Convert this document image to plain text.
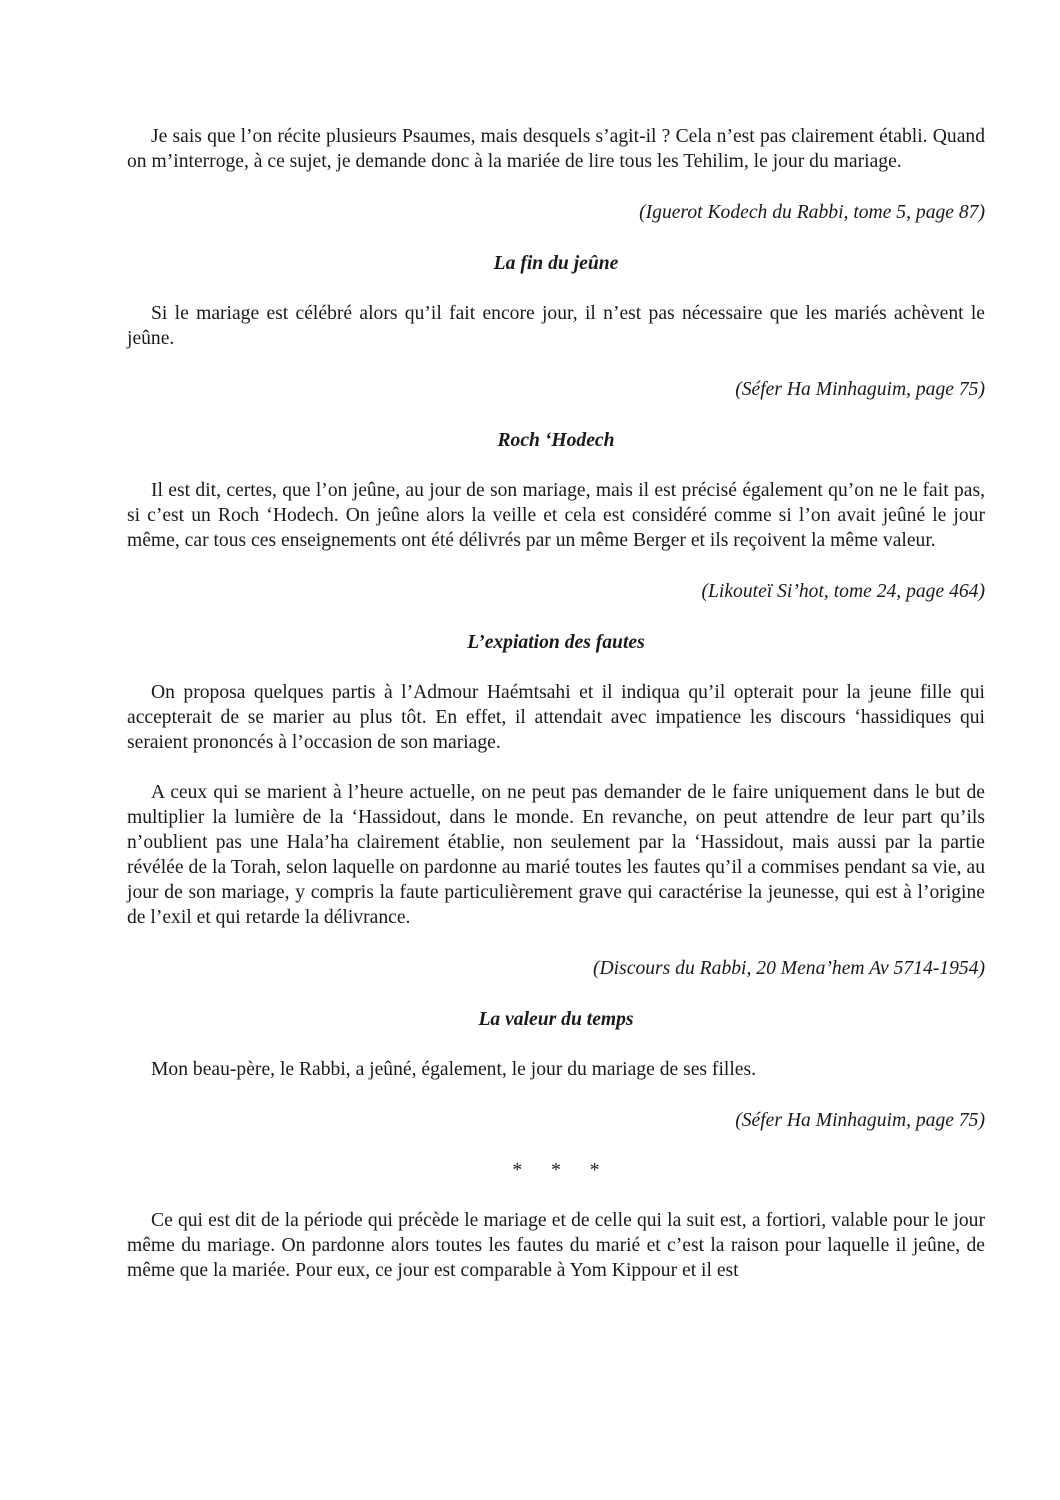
Je sais que l’on récite plusieurs Psaumes, mais desquels s’agit-il ? Cela n’est pas clairement établi. Quand on m’interroge, à ce sujet, je demande donc à la mariée de lire tous les Tehilim, le jour du mariage.

(Iguerot Kodech du Rabbi, tome 5, page 87)

La fin du jeûne

Si le mariage est célébré alors qu’il fait encore jour, il n’est pas nécessaire que les mariés achèvent le jeûne.

(Séfer Ha Minhaguim, page 75)

Roch ‘Hodech

Il est dit, certes, que l’on jeûne, au jour de son mariage, mais il est précisé également qu’on ne le fait pas, si c’est un Roch ‘Hodech. On jeûne alors la veille et cela est considéré comme si l’on avait jeûné le jour même, car tous ces enseignements ont été délivrés par un même Berger et ils reçoivent la même valeur.

(Likouteï Si’hot, tome 24, page 464)

L’expiation des fautes

On proposa quelques partis à l’Admour Haémtsahi et il indiqua qu’il opterait pour la jeune fille qui accepterait de se marier au plus tôt. En effet, il attendait avec impatience les discours ‘hassidiques qui seraient prononcés à l’occasion de son mariage.

A ceux qui se marient à l’heure actuelle, on ne peut pas demander de le faire uniquement dans le but de multiplier la lumière de la ‘Hassidout, dans le monde. En revanche, on peut attendre de leur part qu’ils n’oublient pas une Hala’ha clairement établie, non seulement par la ‘Hassidout, mais aussi par la partie révélée de la Torah, selon laquelle on pardonne au marié toutes les fautes qu’il a commises pendant sa vie, au jour de son mariage, y compris la faute particulièrement grave qui caractérise la jeunesse, qui est à l’origine de l’exil et qui retarde la délivrance.

(Discours du Rabbi, 20 Mena’hem Av 5714-1954)

La valeur du temps

Mon beau-père, le Rabbi, a jeûné, également, le jour du mariage de ses filles.

(Séfer Ha Minhaguim, page 75)

* * *

Ce qui est dit de la période qui précède le mariage et de celle qui la suit est, a fortiori, valable pour le jour même du mariage. On pardonne alors toutes les fautes du marié et c’est la raison pour laquelle il jeûne, de même que la mariée. Pour eux, ce jour est comparable à Yom Kippour et il est
